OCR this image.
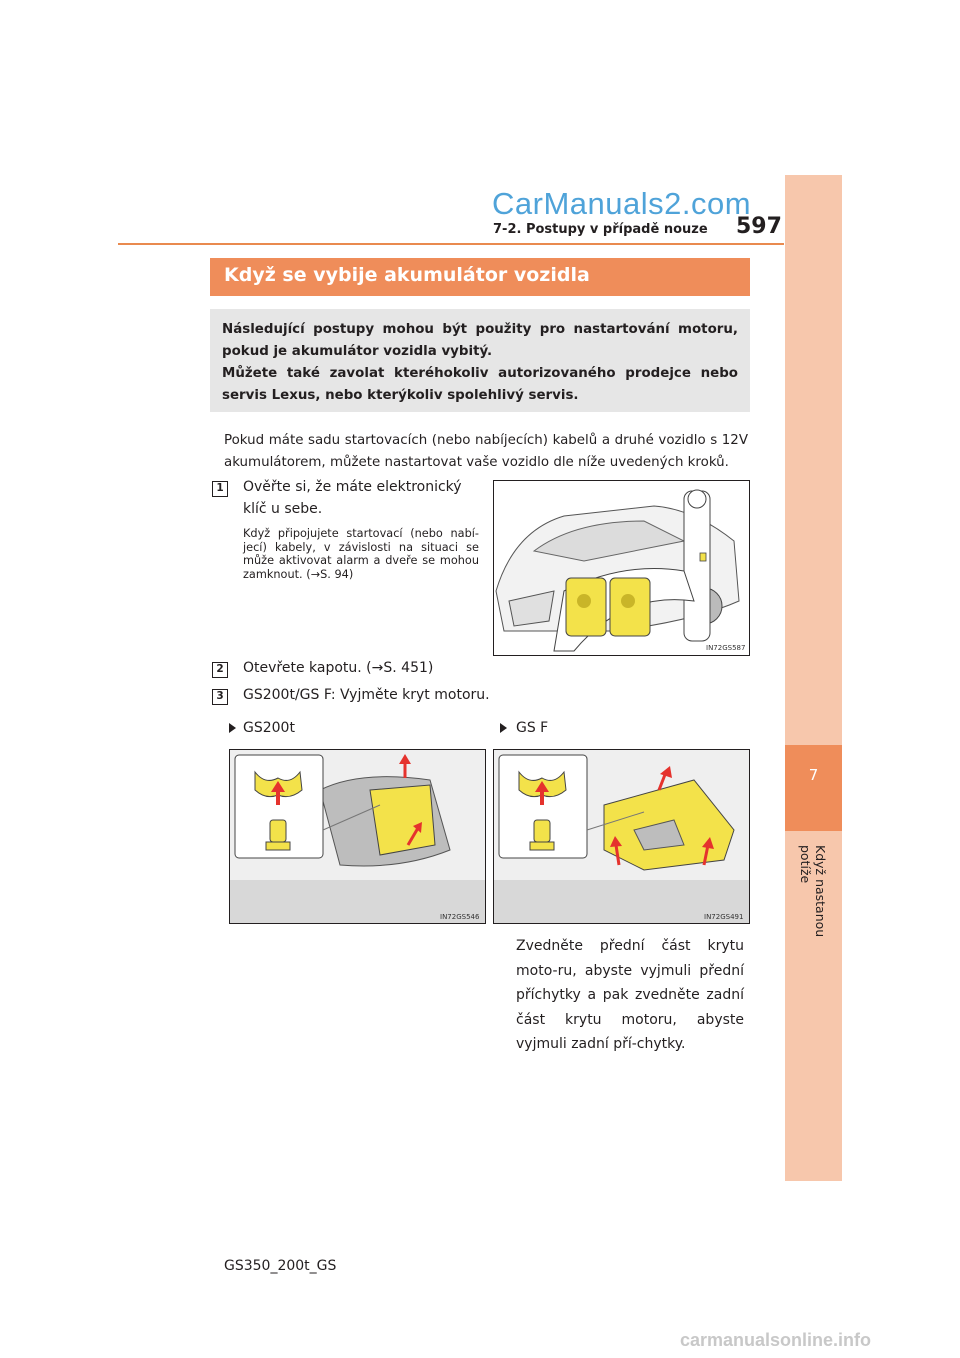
CarManuals2.com
7-2. Postupy v případě nouze 597
7
Když nastanou potíže
Když se vybije akumulátor vozidla

Následující postupy mohou být použity pro nastartování motoru, pokud je akumulátor vozidla vybitý.

Můžete také zavolat kteréhokoliv autorizovaného prodejce nebo servis Lexus, nebo kterýkoliv spolehlivý servis.

Pokud máte sadu startovacích (nebo nabíjecích) kabelů a druhé vozidlo s 12V akumulátorem, můžete nastartovat vaše vozidlo dle níže uvedených kroků.
1	Ověřte si, že máte elektronický klíč u sebe.
Když připojujete startovací (nebo nabí-jecí) kabely, v závislosti na situaci se může aktivovat alarm a dveře se mohou zamknout. (→S. 94)
IN72GS587
2	Otevřete kapotu. (→S. 451)
3	GS200t/GS F: Vyjměte kryt motoru.
GS200t	GS F
IN72GS546	IN72GS491
Zvedněte přední část krytu moto-ru, abyste vyjmuli přední příchytky a pak zvedněte zadní část krytu motoru, abyste vyjmuli zadní pří-chytky.
GS350_200t_GS
carmanualsonline.info
